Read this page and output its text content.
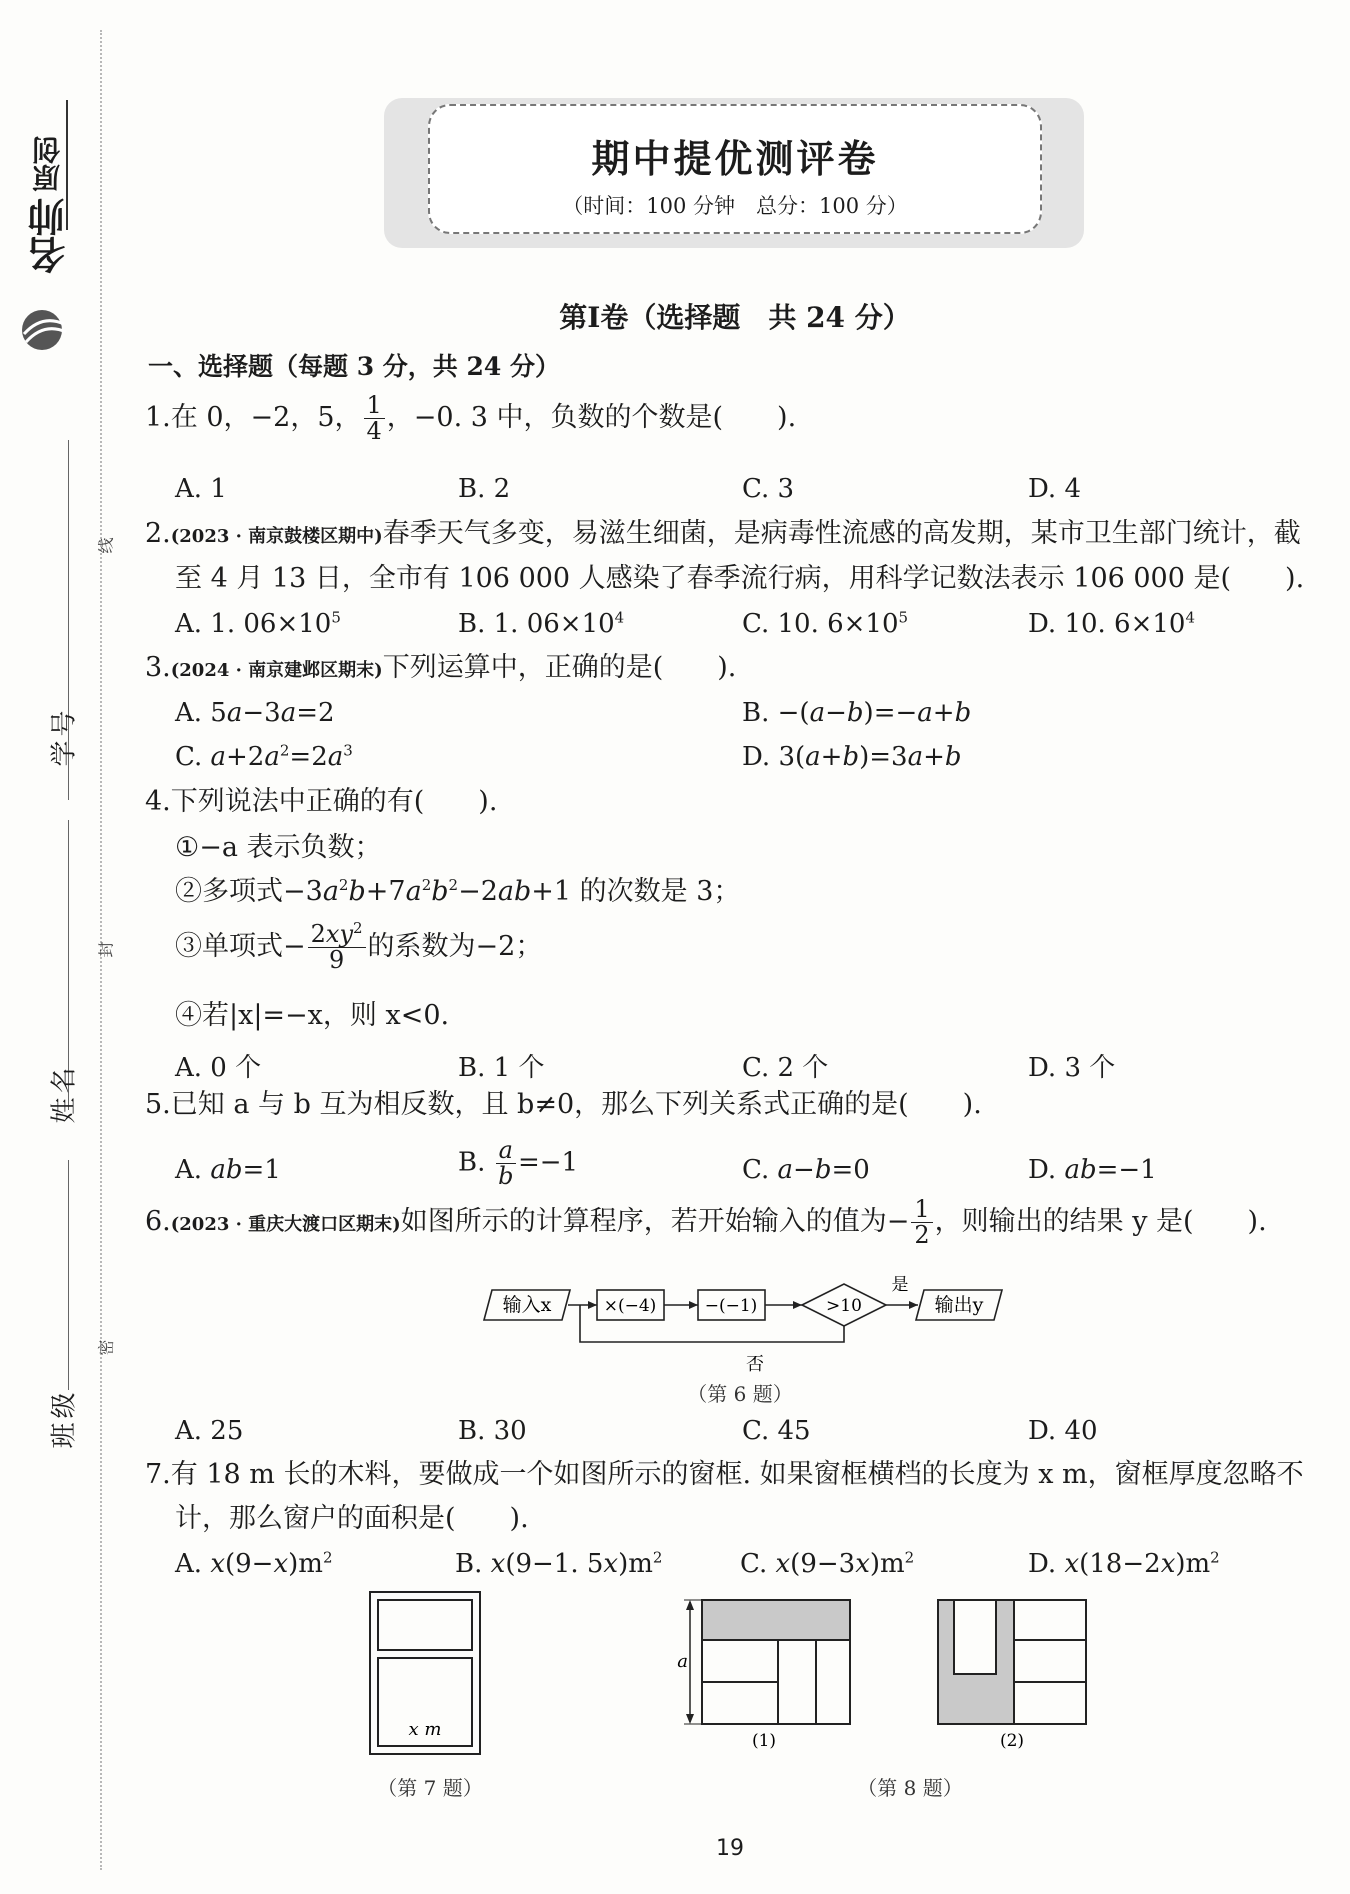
原创
名帅
学号
姓名
班级
线
封
密
期中提优测评卷
（时间：100 分钟　总分：100 分）
第Ⅰ卷（选择题　共 24 分）
一、选择题（每题 3 分，共 24 分）
1.在 0，−2，5， $\frac{1}{4}$ ，−0. 3 中，负数的个数是(　　).
A. 1	B. 2	C. 3	D. 4
2.(2023 · 南京鼓楼区期中)春季天气多变，易滋生细菌，是病毒性流感的高发期，某市卫生部门统计，截
至 4 月 13 日，全市有 106 000 人感染了春季流行病，用科学记数法表示 106 000 是(　　).
A. 1. $06\times 10^5$	B. 1. $06\times 10^4$	C. 10. $6\times 10^5$	D. 10. $6\times 10^4$
3.(2024 · 南京建邺区期末)下列运算中，正确的是(　　).
A. 5a−3a=2	B. −(a−b)=−a+b
C. $a+2a^2=2a^3$	D. 3(a+b)=3a+b
4.下列说法中正确的有(　　).
①−a 表示负数；
②多项式$-3a^2b+7a^2b^2-2ab+1$ 的次数是 3；
③单项式− $\frac{2xy^2}{9}$ 的系数为−2；
④若|x|=−x，则 x<0.
A. 0 个	B. 1 个	C. 2 个	D. 3 个
5.已知 a 与 b 互为相反数，且 b≠0，那么下列关系式正确的是(　　).
A. ab=1	B. $\frac{a}{b} =-1$	C. a−b=0	D. ab=−1
6.(2023 · 重庆大渡口区期末)如图所示的计算程序，若开始输入的值为− $\frac{1}{2}$ ，则输出的结果 y 是(　　).
输入x	×(−4)	−(−1)	>10
是
输出y
否
（第 6 题）
A. 25	B. 30	C. 45	D. 40
7.有 18 m 长的木料，要做成一个如图所示的窗框. 如果窗框横档的长度为 x m，窗框厚度忽略不
计，那么窗户的面积是(　　).
A. $x(9-x)m^2$	B. x(9−1. $5x)m^2$	C. $x(9-3x)m^2$	D. $x(18-2x)m^2$
x m
（第 7 题）
a
(1)	(2)
（第 8 题）
19
